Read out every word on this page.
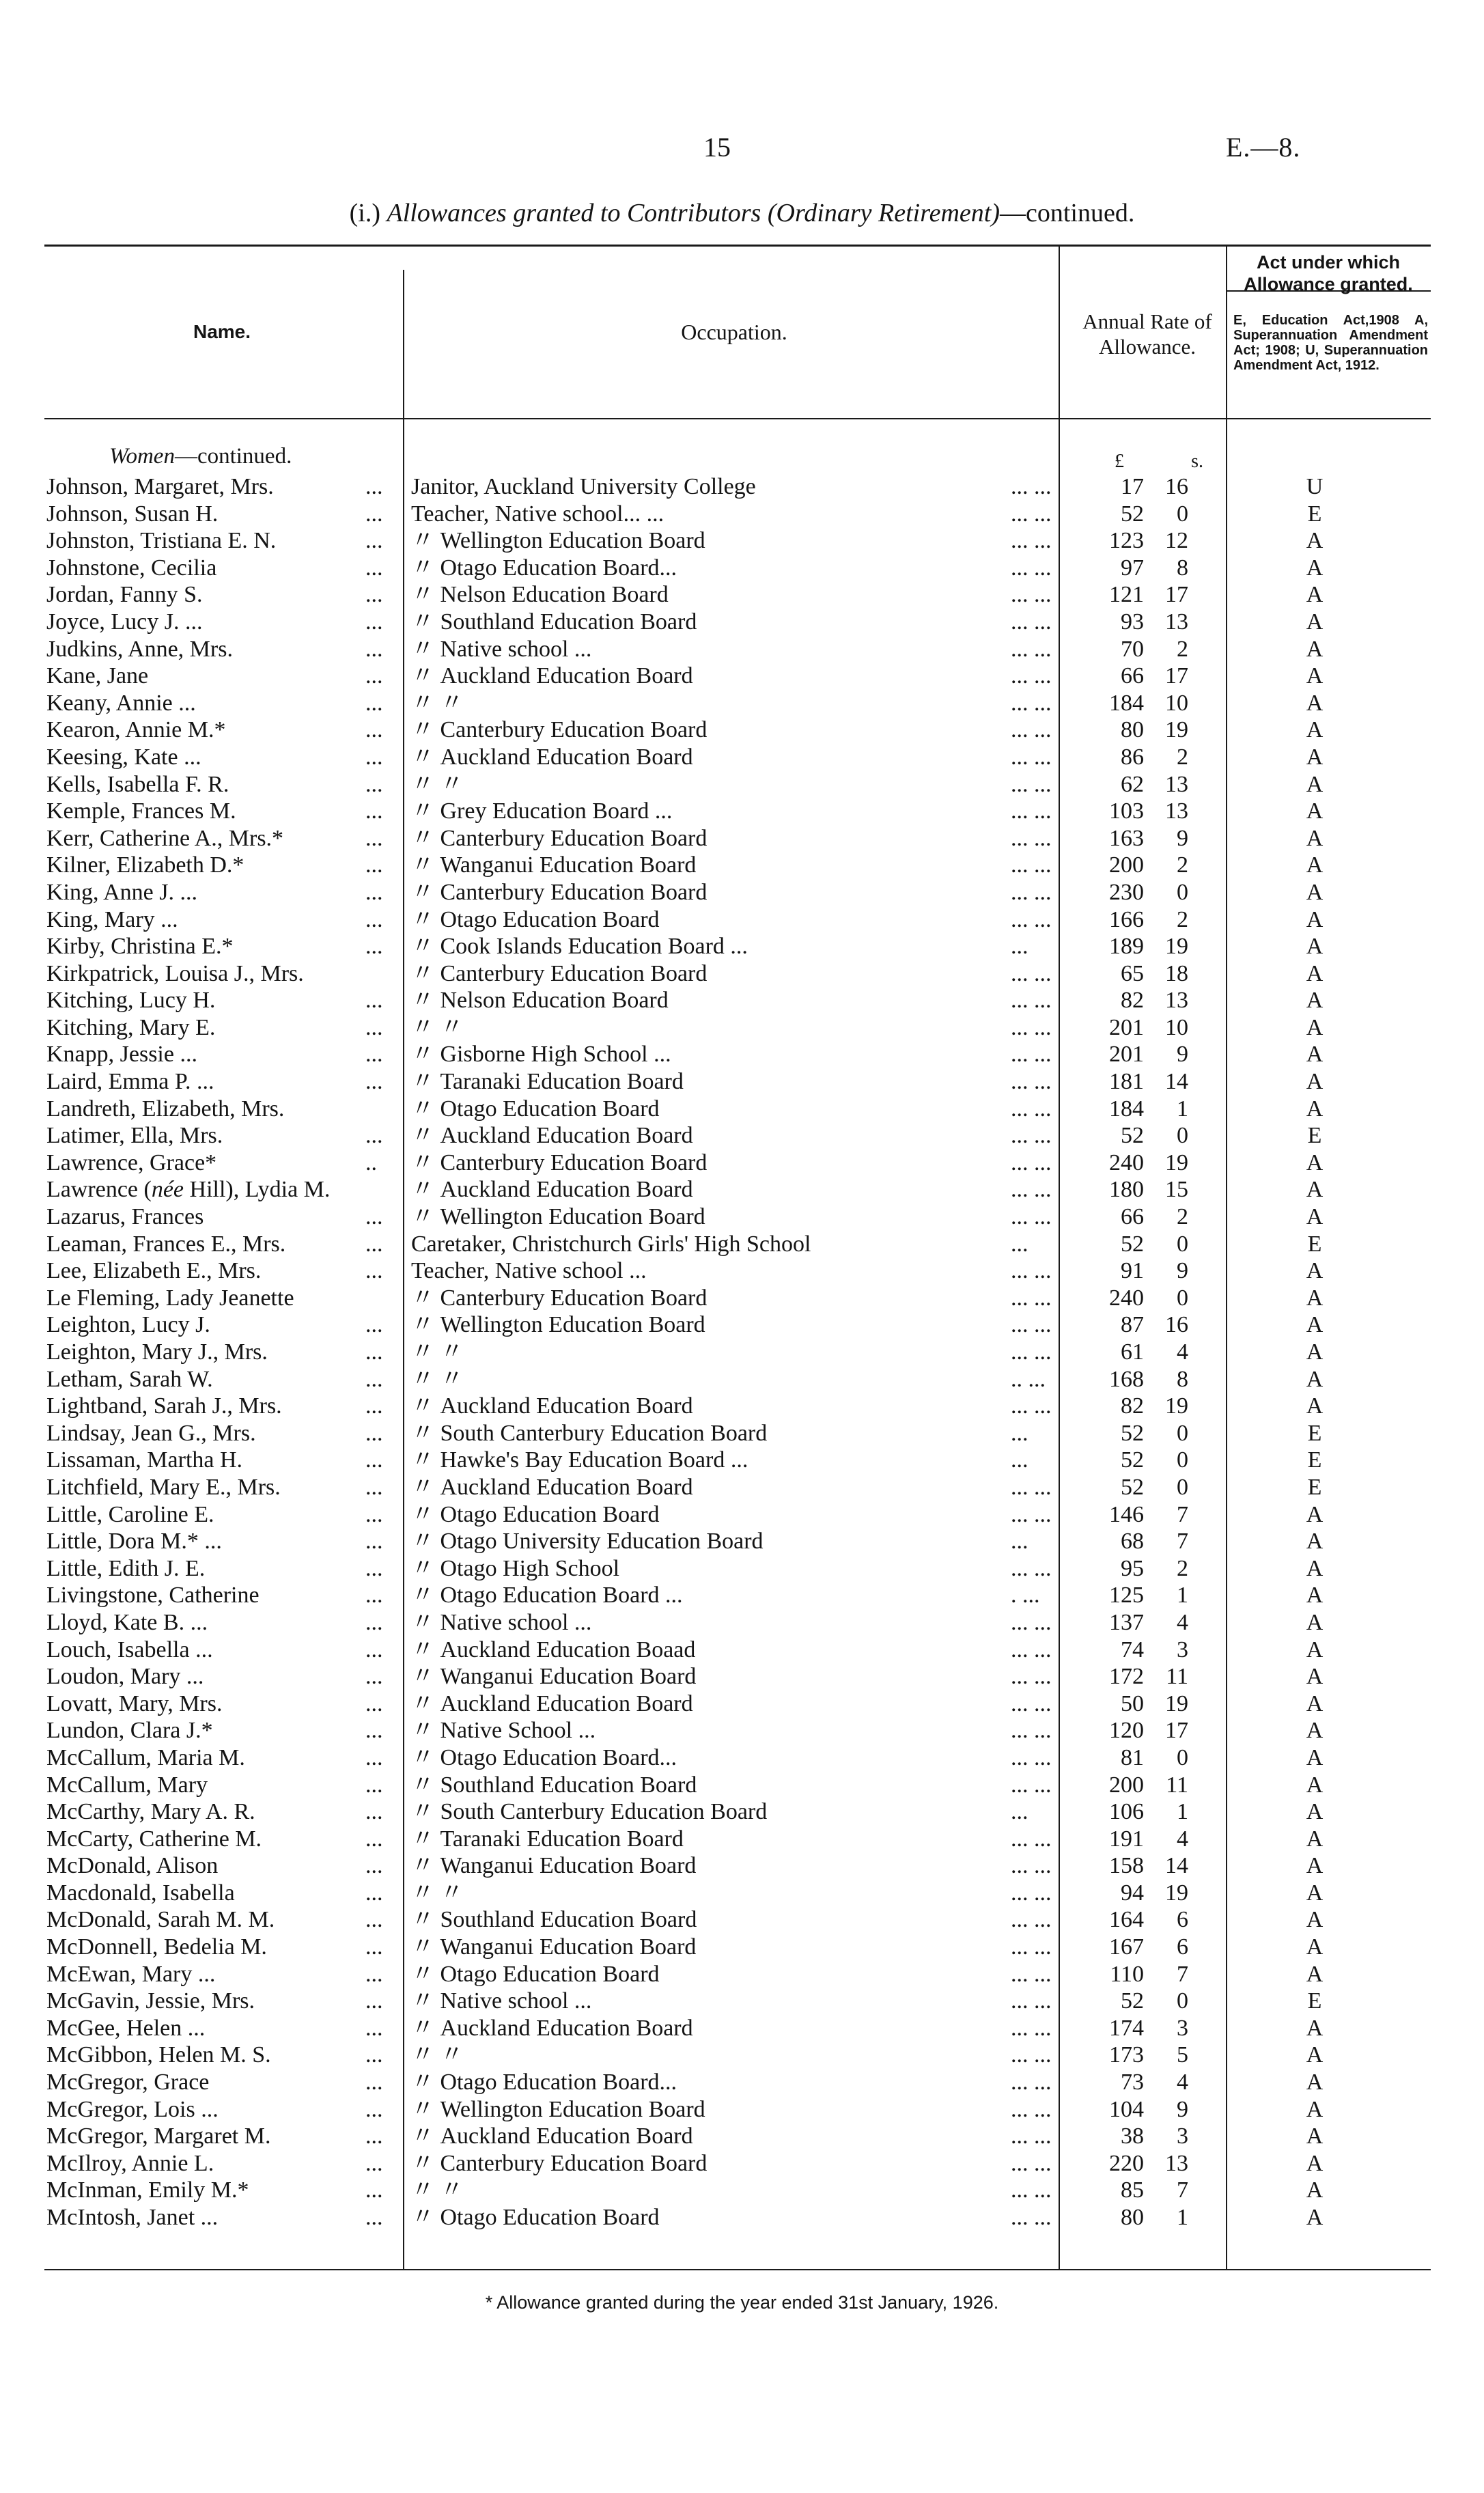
15	E.—8.
(i.) Allowances granted to Contributors (Ordinary Retirement)—continued.
Name.	Occupation.	Annual Rate of
Allowance.
Act under which
Allowance granted.
E, Education Act,1908 A, Superannuation Amendment Act; 1908; U, Superannuation Amendment Act, 1912.
Women—continued.	£	s.
Johnson, Margaret, Mrs.	... Janitor, Auckland University College	... ...	17 16	U
Johnson, Susan H.	... Teacher, Native school... ...	... ...	52	0	E
Johnston, Tristiana E. N.	... 〃 Wellington Education Board	... ...	123 12	A
Johnstone, Cecilia	... 〃 Otago Education Board...	... ...	97	8	A
Jordan, Fanny S.	... 〃 Nelson Education Board	... ...	121 17	A
Joyce, Lucy J. ...	... 〃 Southland Education Board	... ...	93 13	A
Judkins, Anne, Mrs.	... 〃 Native school ...	... ...	70	2	A
Kane, Jane	... 〃 Auckland Education Board	... ...	66 17	A
Keany, Annie ...	... 〃 〃	... ...	184 10	A
Kearon, Annie M.*	... 〃 Canterbury Education Board	... ...	80 19	A
Keesing, Kate ...	... 〃 Auckland Education Board	... ...	86	2	A
Kells, Isabella F. R.	... 〃 〃	... ...	62 13	A
Kemple, Frances M.	... 〃 Grey Education Board ...	... ...	103 13	A
Kerr, Catherine A., Mrs.*	... 〃 Canterbury Education Board	... ...	163	9	A
Kilner, Elizabeth D.*	... 〃 Wanganui Education Board	... ...	200	2	A
King, Anne J. ...	... 〃 Canterbury Education Board	... ...	230	0	A
King, Mary ...	... 〃 Otago Education Board	... ...	166	2	A
Kirby, Christina E.*	... 〃 Cook Islands Education Board ...	...	189 19	A
Kirkpatrick, Louisa J., Mrs.	〃 Canterbury Education Board	... ...	65 18	A
Kitching, Lucy H.	... 〃 Nelson Education Board	... ...	82 13	A
Kitching, Mary E.	... 〃 〃	... ...	201 10	A
Knapp, Jessie ...	... 〃 Gisborne High School ...	... ...	201	9	A
Laird, Emma P. ...	... 〃 Taranaki Education Board	... ...	181 14	A
Landreth, Elizabeth, Mrs.	〃 Otago Education Board	... ...	184	1	A
Latimer, Ella, Mrs.	... 〃 Auckland Education Board	... ...	52	0	E
Lawrence, Grace*	.. 〃 Canterbury Education Board	... ...	240 19	A
Lawrence (née Hill), Lydia M.	〃 Auckland Education Board	... ...	180 15	A
Lazarus, Frances	... 〃 Wellington Education Board	... ...	66	2	A
Leaman, Frances E., Mrs.	... Caretaker, Christchurch Girls' High School	...	52	0	E
Lee, Elizabeth E., Mrs.	... Teacher, Native school ...	... ...	91	9	A
Le Fleming, Lady Jeanette	〃 Canterbury Education Board	... ...	240	0	A
Leighton, Lucy J.	... 〃 Wellington Education Board	... ...	87 16	A
Leighton, Mary J., Mrs.	... 〃 〃	... ...	61	4	A
Letham, Sarah W.	... 〃 〃	.. ...	168	8	A
Lightband, Sarah J., Mrs.	... 〃 Auckland Education Board	... ...	82 19	A
Lindsay, Jean G., Mrs.	... 〃 South Canterbury Education Board	...	52	0	E
Lissaman, Martha H.	... 〃 Hawke's Bay Education Board ...	...	52	0	E
Litchfield, Mary E., Mrs.	... 〃 Auckland Education Board	... ...	52	0	E
Little, Caroline E.	... 〃 Otago Education Board	... ...	146	7	A
Little, Dora M.* ...	... 〃 Otago University Education Board	...	68	7	A
Little, Edith J. E.	... 〃 Otago High School	... ...	95	2	A
Livingstone, Catherine	... 〃 Otago Education Board ...	. ...	125	1	A
Lloyd, Kate B. ...	... 〃 Native school ...	... ...	137	4	A
Louch, Isabella ...	... 〃 Auckland Education Boaad	... ...	74	3	A
Loudon, Mary ...	... 〃 Wanganui Education Board	... ...	172 11	A
Lovatt, Mary, Mrs.	... 〃 Auckland Education Board	... ...	50 19	A
Lundon, Clara J.*	... 〃 Native School ...	... ...	120 17	A
McCallum, Maria M.	... 〃 Otago Education Board...	... ...	81	0	A
McCallum, Mary	... 〃 Southland Education Board	... ...	200 11	A
McCarthy, Mary A. R.	... 〃 South Canterbury Education Board	...	106	1	A
McCarty, Catherine M.	... 〃 Taranaki Education Board	... ...	191	4	A
McDonald, Alison	... 〃 Wanganui Education Board	... ...	158 14	A
Macdonald, Isabella	... 〃 〃	... ...	94 19	A
McDonald, Sarah M. M.	... 〃 Southland Education Board	... ...	164	6	A
McDonnell, Bedelia M.	... 〃 Wanganui Education Board	... ...	167	6	A
McEwan, Mary ...	... 〃 Otago Education Board	... ...	110	7	A
McGavin, Jessie, Mrs.	... 〃 Native school ...	... ...	52	0	E
McGee, Helen ...	... 〃 Auckland Education Board	... ...	174	3	A
McGibbon, Helen M. S.	... 〃 〃	... ...	173	5	A
McGregor, Grace	... 〃 Otago Education Board...	... ...	73	4	A
McGregor, Lois ...	... 〃 Wellington Education Board	... ...	104	9	A
McGregor, Margaret M.	... 〃 Auckland Education Board	... ...	38	3	A
McIlroy, Annie L.	... 〃 Canterbury Education Board	... ...	220 13	A
McInman, Emily M.*	... 〃 〃	... ...	85	7	A
McIntosh, Janet ...	... 〃 Otago Education Board	... ...	80	1	A
* Allowance granted during the year ended 31st January, 1926.
